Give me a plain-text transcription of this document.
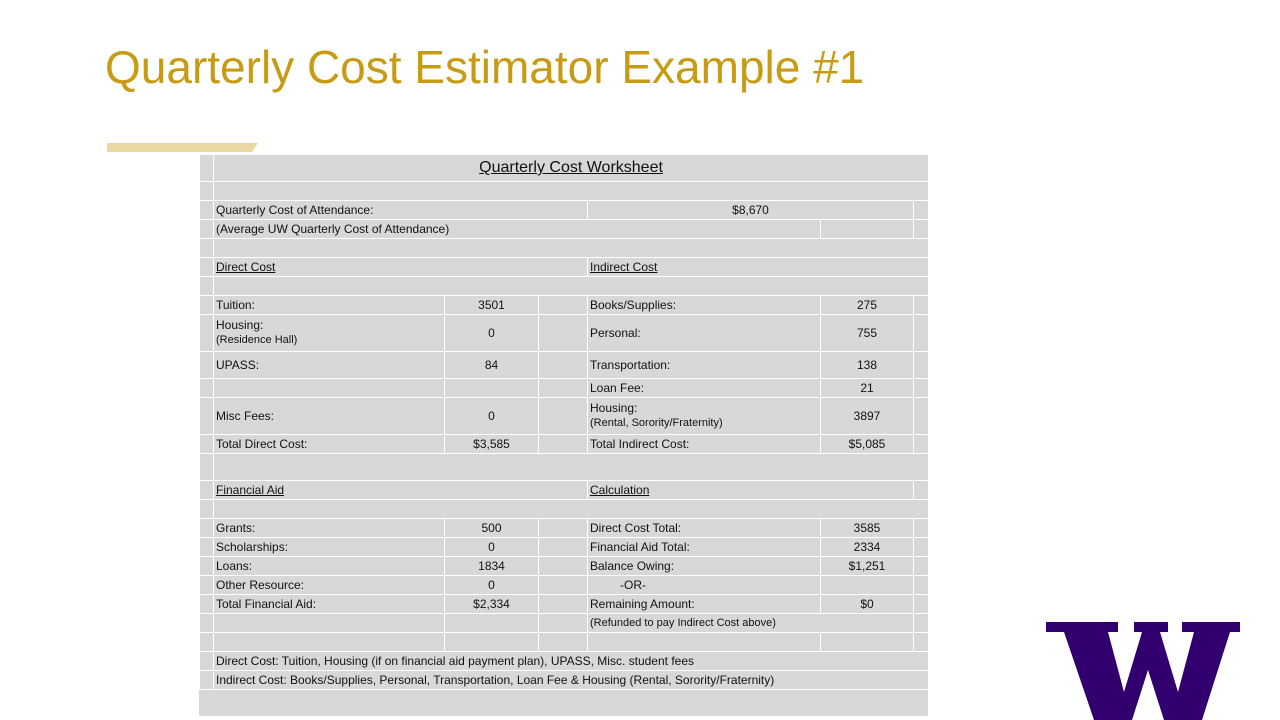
Quarterly Cost Estimator Example #1
	Quarterly Cost Worksheet					

	Quarterly Cost of Attendance:			$8,670		
	(Average UW Quarterly Cost of Attendance)					

	Direct Cost			Indirect Cost		

	Tuition:	3501		Books/Supplies:	275	

	Housing:
(Residence Hall)	0		Personal:	755	
	UPASS:	84		Transportation:	138	
				Loan Fee:	21	
	Misc Fees:	0		Housing:
(Rental, Sorority/Fraternity)	3897	
	Total Direct Cost:	$3,585		Total Indirect Cost:	$5,085	

	Financial Aid			Calculation		

	Grants:	500		Direct Cost Total:	3585	
	Scholarships:	0		Financial Aid Total:	2334	
	Loans:	1834		Balance Owing:	$1,251	
	Other Resource:	0		-OR-		
	Total Financial Aid:	$2,334		Remaining Amount:	$0	
				(Refunded to pay Indirect Cost above)		

	Direct Cost: Tuition, Housing (if on financial aid payment plan), UPASS, Misc. student fees					
	Indirect Cost: Books/Supplies, Personal, Transportation, Loan Fee & Housing (Rental, Sorority/Fraternity)					
